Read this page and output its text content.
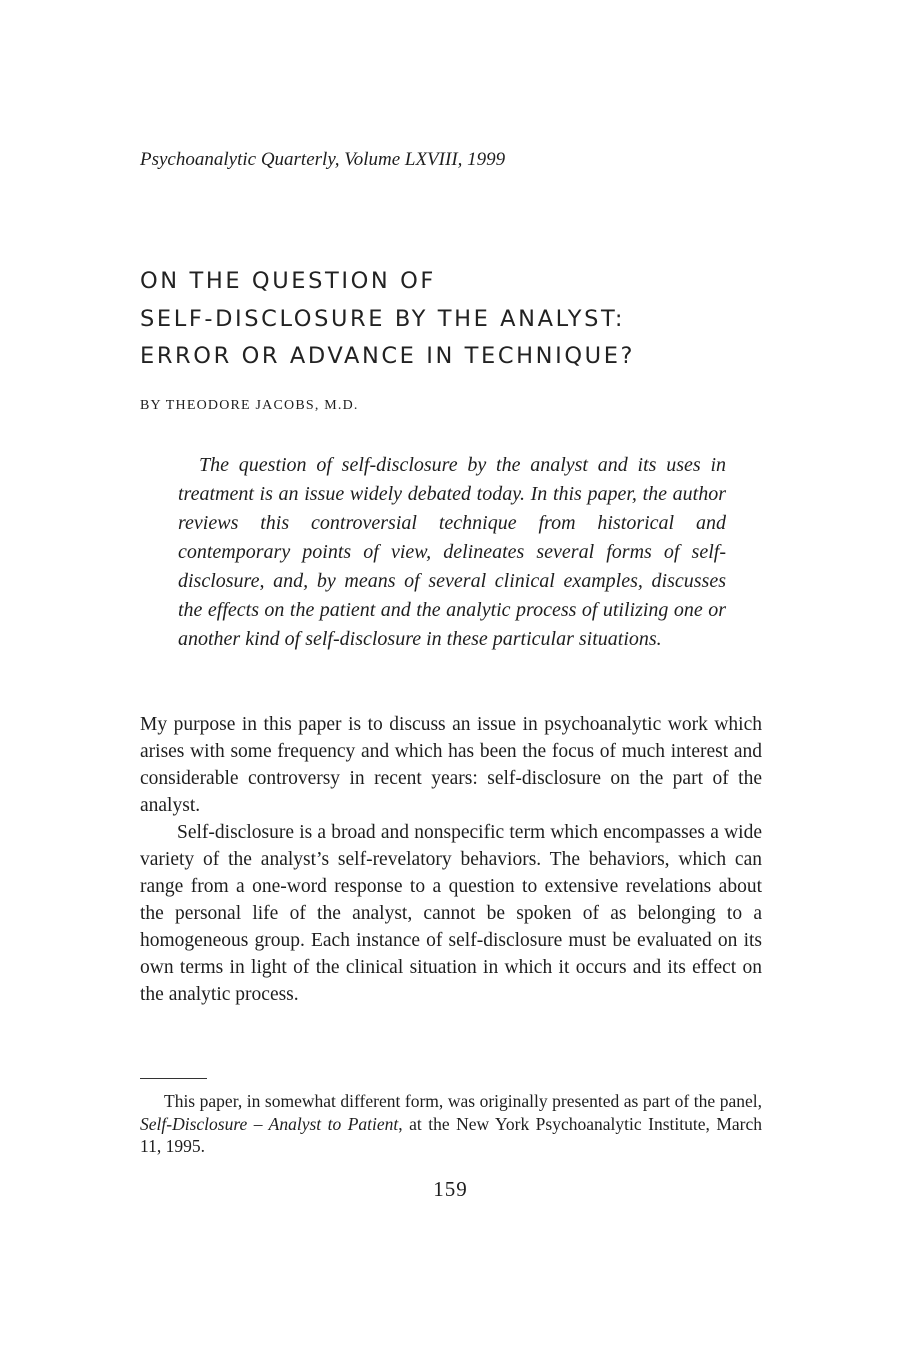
Psychoanalytic Quarterly, Volume LXVIII, 1999
ON THE QUESTION OF
SELF-DISCLOSURE BY THE ANALYST:
ERROR OR ADVANCE IN TECHNIQUE?
BY THEODORE JACOBS, M.D.

The question of self-disclosure by the analyst and its uses in treatment is an issue widely debated today. In this paper, the author reviews this controversial technique from historical and contemporary points of view, delineates several forms of self-disclosure, and, by means of several clinical examples, discusses the effects on the patient and the analytic process of utilizing one or another kind of self-disclosure in these particular situations.

My purpose in this paper is to discuss an issue in psychoanalytic work which arises with some frequency and which has been the focus of much interest and considerable controversy in recent years: self-disclosure on the part of the analyst.

Self-disclosure is a broad and nonspecific term which encompasses a wide variety of the analyst’s self-revelatory behaviors. The behaviors, which can range from a one-word response to a question to extensive revelations about the personal life of the analyst, cannot be spoken of as belonging to a homogeneous group. Each instance of self-disclosure must be evaluated on its own terms in light of the clinical situation in which it occurs and its effect on the analytic process.

This paper, in somewhat different form, was originally presented as part of the panel, Self-Disclosure – Analyst to Patient, at the New York Psychoanalytic Institute, March 11, 1995.

159
